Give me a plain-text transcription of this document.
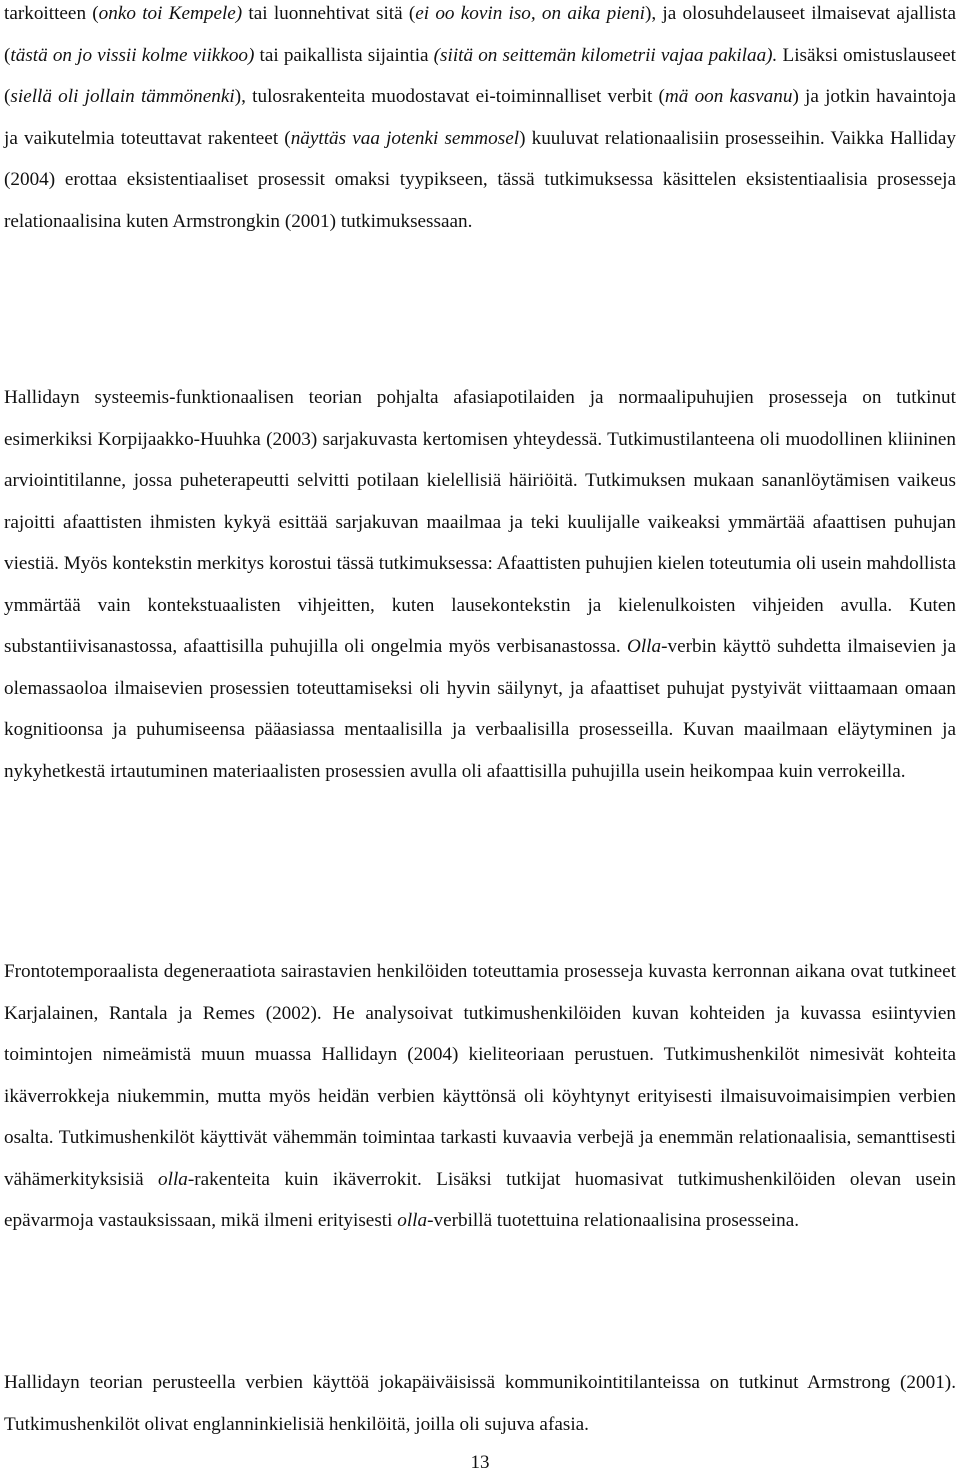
tarkoitteen (onko toi Kempele) tai luonnehtivat sitä (ei oo kovin iso, on aika pieni), ja olosuhdelauseet ilmaisevat ajallista (tästä on jo vissii kolme viikkoo) tai paikallista sijaintia (siitä on seittemän kilometrii vajaa pakilaa). Lisäksi omistuslauseet (siellä oli jollain tämmönenki), tulosrakenteita muodostavat ei-toiminnalliset verbit (mä oon kasvanu) ja jotkin havaintoja ja vaikutelmia toteuttavat rakenteet (näyttäs vaa jotenki semmosel) kuuluvat relationaalisiin prosesseihin. Vaikka Halliday (2004) erottaa eksistentiaaliset prosessit omaksi tyypikseen, tässä tutkimuksessa käsittelen eksistentiaalisia prosesseja relationaalisina kuten Armstrongkin (2001) tutkimuksessaan.

Hallidayn systeemis-funktionaalisen teorian pohjalta afasiapotilaiden ja normaalipuhujien prosesseja on tutkinut esimerkiksi Korpijaakko-Huuhka (2003) sarjakuvasta kertomisen yhteydessä. Tutkimustilanteena oli muodollinen kliininen arviointitilanne, jossa puheterapeutti selvitti potilaan kielellisiä häiriöitä. Tutkimuksen mukaan sananlöytämisen vaikeus rajoitti afaattisten ihmisten kykyä esittää sarjakuvan maailmaa ja teki kuulijalle vaikeaksi ymmärtää afaattisen puhujan viestiä. Myös kontekstin merkitys korostui tässä tutkimuksessa: Afaattisten puhujien kielen toteutumia oli usein mahdollista ymmärtää vain kontekstuaalisten vihjeitten, kuten lausekontekstin ja kielenulkoisten vihjeiden avulla. Kuten substantiivisanastossa, afaattisilla puhujilla oli ongelmia myös verbisanastossa. Olla-verbin käyttö suhdetta ilmaisevien ja olemassaoloa ilmaisevien prosessien toteuttamiseksi oli hyvin säilynyt, ja afaattiset puhujat pystyivät viittaamaan omaan kognitioonsa ja puhumiseensa pääasiassa mentaalisilla ja verbaalisilla prosesseilla. Kuvan maailmaan eläytyminen ja nykyhetkestä irtautuminen materiaalisten prosessien avulla oli afaattisilla puhujilla usein heikompaa kuin verrokeilla.

Frontotemporaalista degeneraatiota sairastavien henkilöiden toteuttamia prosesseja kuvasta kerronnan aikana ovat tutkineet Karjalainen, Rantala ja Remes (2002). He analysoivat tutkimushenkilöiden kuvan kohteiden ja kuvassa esiintyvien toimintojen nimeämistä muun muassa Hallidayn (2004) kieliteoriaan perustuen. Tutkimushenkilöt nimesivät kohteita ikäverrokkeja niukemmin, mutta myös heidän verbien käyttönsä oli köyhtynyt erityisesti ilmaisuvoimaisimpien verbien osalta. Tutkimushenkilöt käyttivät vähemmän toimintaa tarkasti kuvaavia verbejä ja enemmän relationaalisia, semanttisesti vähämerkityksisiä olla-rakenteita kuin ikäverrokit. Lisäksi tutkijat huomasivat tutkimushenkilöiden olevan usein epävarmoja vastauksissaan, mikä ilmeni erityisesti olla-verbillä tuotettuina relationaalisina prosesseina.

Hallidayn teorian perusteella verbien käyttöä jokapäiväisissä kommunikointitilanteissa on tutkinut Armstrong (2001). Tutkimushenkilöt olivat englanninkielisiä henkilöitä, joilla oli sujuva afasia.

13
